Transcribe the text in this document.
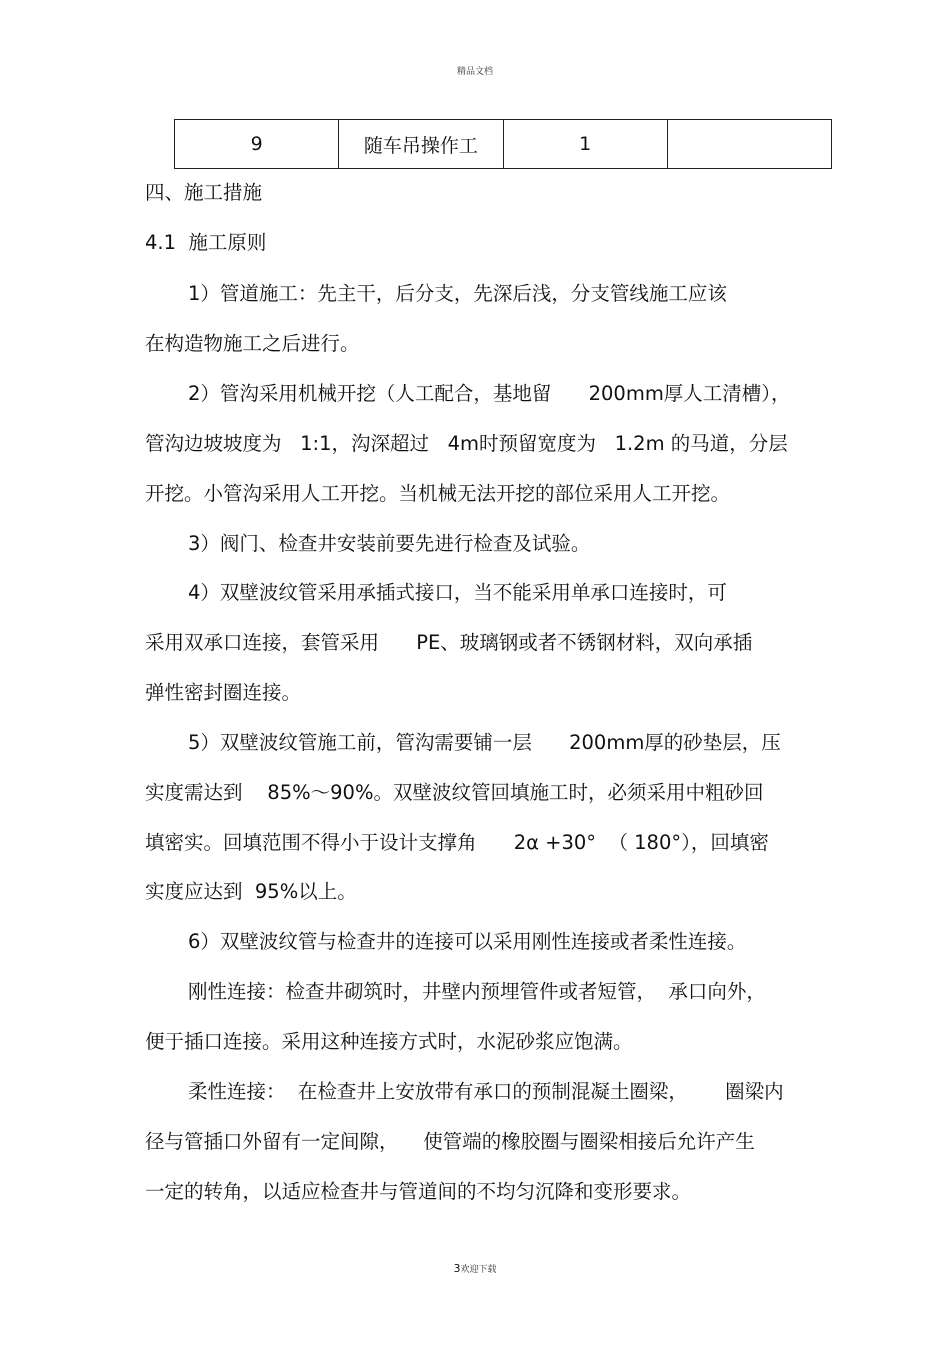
精品文档
9	随车吊操作工	1	
四、施工措施
4.1  施工原则
1）管道施工：先主干，后分支，先深后浅，分支管线施工应该
在构造物施工之后进行。
2）管沟采用机械开挖（人工配合，基地留      200mm厚人工清槽），
管沟边坡坡度为   1:1，沟深超过   4m时预留宽度为   1.2m 的马道，分层
开挖。小管沟采用人工开挖。当机械无法开挖的部位采用人工开挖。
3）阀门、检查井安装前要先进行检查及试验。
4）双壁波纹管采用承插式接口，当不能采用单承口连接时，可
采用双承口连接，套管采用      PE、玻璃钢或者不锈钢材料，双向承插
弹性密封圈连接。
5）双壁波纹管施工前，管沟需要铺一层      200mm厚的砂垫层，压
实度需达到    85%～90%。双壁波纹管回填施工时，必须采用中粗砂回
填密实。回填范围不得小于设计支撑角      2α +30°  （ 180°），回填密
实度应达到  95%以上。
6）双壁波纹管与检查井的连接可以采用刚性连接或者柔性连接。
刚性连接：检查井砌筑时，井壁内预埋管件或者短管，  承口向外，
便于插口连接。采用这种连接方式时，水泥砂浆应饱满。
柔性连接：  在检查井上安放带有承口的预制混凝土圈梁，      圈梁内
径与管插口外留有一定间隙，    使管端的橡胶圈与圈梁相接后允许产生
一定的转角，以适应检查井与管道间的不均匀沉降和变形要求。
3欢迎下载
